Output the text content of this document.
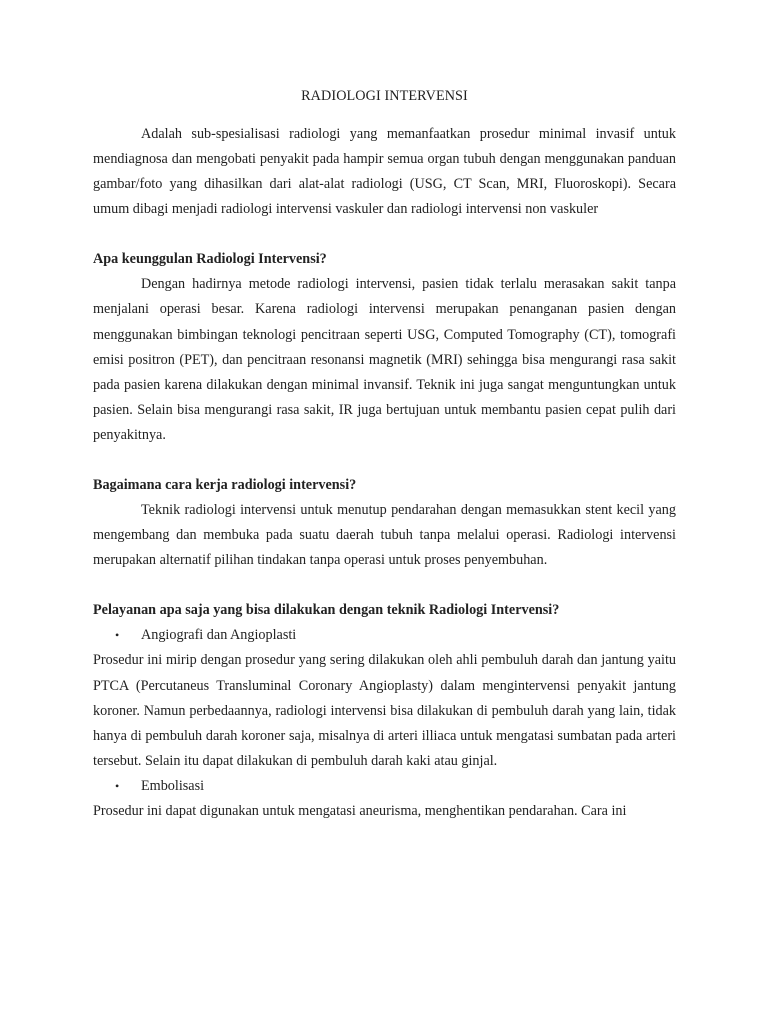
RADIOLOGI INTERVENSI

Adalah sub-spesialisasi radiologi yang memanfaatkan prosedur minimal invasif untuk mendiagnosa dan mengobati penyakit pada hampir semua organ tubuh dengan menggunakan panduan gambar/foto yang dihasilkan dari alat-alat radiologi (USG, CT Scan, MRI, Fluoroskopi). Secara umum dibagi menjadi radiologi intervensi vaskuler dan radiologi intervensi non vaskuler

Apa keunggulan Radiologi Intervensi?

Dengan hadirnya metode radiologi intervensi, pasien tidak terlalu merasakan sakit tanpa menjalani operasi besar. Karena radiologi intervensi merupakan penanganan pasien dengan menggunakan bimbingan teknologi pencitraan seperti USG, Computed Tomography (CT), tomografi emisi positron (PET), dan pencitraan resonansi magnetik (MRI) sehingga bisa mengurangi rasa sakit pada pasien karena dilakukan dengan minimal invansif. Teknik ini juga sangat menguntungkan untuk pasien. Selain bisa mengurangi rasa sakit, IR juga bertujuan untuk membantu pasien cepat pulih dari penyakitnya.

Bagaimana cara kerja radiologi intervensi?

Teknik radiologi intervensi untuk menutup pendarahan dengan memasukkan stent kecil yang mengembang dan membuka pada suatu daerah tubuh tanpa melalui operasi. Radiologi intervensi merupakan alternatif pilihan tindakan tanpa operasi untuk proses penyembuhan.

Pelayanan apa saja yang bisa dilakukan dengan teknik Radiologi Intervensi?
• Angiografi dan Angioplasti

Prosedur ini mirip dengan prosedur yang sering dilakukan oleh ahli pembuluh darah dan jantung yaitu PTCA (Percutaneus Transluminal Coronary Angioplasty) dalam mengintervensi penyakit jantung koroner. Namun perbedaannya, radiologi intervensi bisa dilakukan di pembuluh darah yang lain, tidak hanya di pembuluh darah koroner saja, misalnya di arteri illiaca untuk mengatasi sumbatan pada arteri tersebut. Selain itu dapat dilakukan di pembuluh darah kaki atau ginjal.

• Embolisasi

Prosedur ini dapat digunakan untuk mengatasi aneurisma, menghentikan pendarahan. Cara ini
